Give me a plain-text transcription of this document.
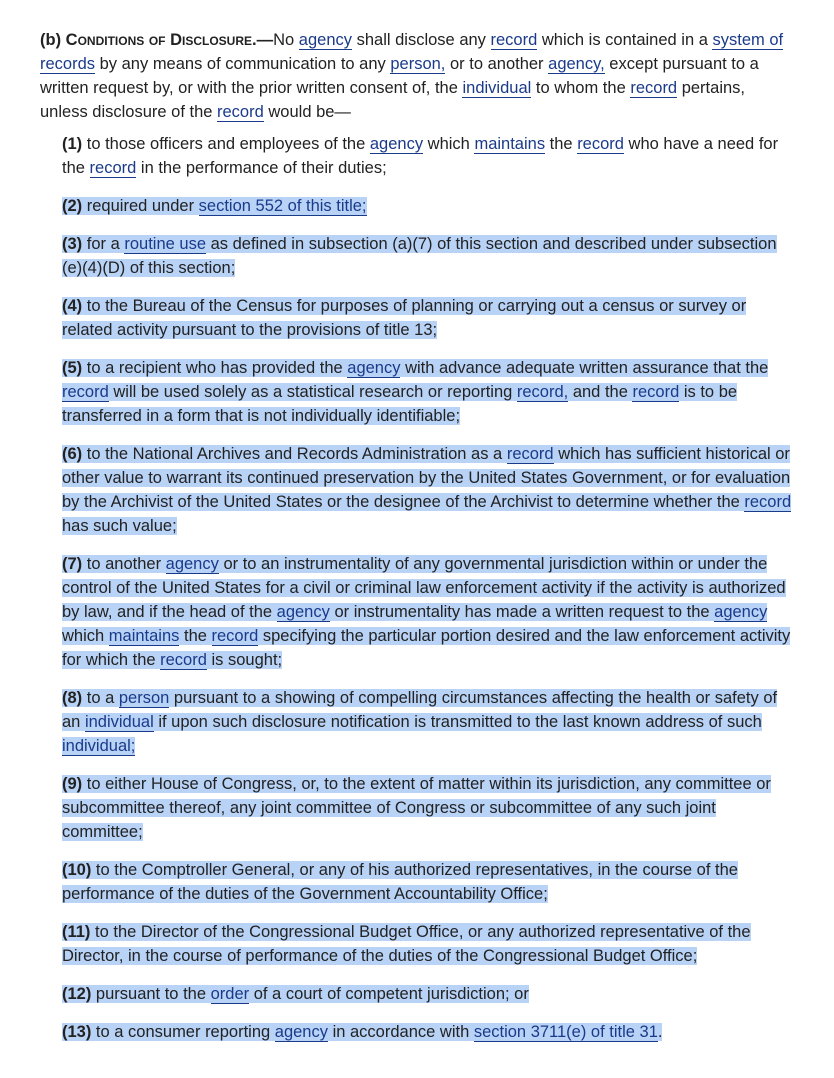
(b) Conditions of Disclosure.—No agency shall disclose any record which is contained in a system of records by any means of communication to any person, or to another agency, except pursuant to a written request by, or with the prior written consent of, the individual to whom the record pertains, unless disclosure of the record would be—

(1) to those officers and employees of the agency which maintains the record who have a need for the record in the performance of their duties;

(2) required under section 552 of this title;

(3) for a routine use as defined in subsection (a)(7) of this section and described under subsection (e)(4)(D) of this section;

(4) to the Bureau of the Census for purposes of planning or carrying out a census or survey or related activity pursuant to the provisions of title 13;

(5) to a recipient who has provided the agency with advance adequate written assurance that the record will be used solely as a statistical research or reporting record, and the record is to be transferred in a form that is not individually identifiable;

(6) to the National Archives and Records Administration as a record which has sufficient historical or other value to warrant its continued preservation by the United States Government, or for evaluation by the Archivist of the United States or the designee of the Archivist to determine whether the record has such value;

(7) to another agency or to an instrumentality of any governmental jurisdiction within or under the control of the United States for a civil or criminal law enforcement activity if the activity is authorized by law, and if the head of the agency or instrumentality has made a written request to the agency which maintains the record specifying the particular portion desired and the law enforcement activity for which the record is sought;

(8) to a person pursuant to a showing of compelling circumstances affecting the health or safety of an individual if upon such disclosure notification is transmitted to the last known address of such individual;

(9) to either House of Congress, or, to the extent of matter within its jurisdiction, any committee or subcommittee thereof, any joint committee of Congress or subcommittee of any such joint committee;

(10) to the Comptroller General, or any of his authorized representatives, in the course of the performance of the duties of the Government Accountability Office;

(11) to the Director of the Congressional Budget Office, or any authorized representative of the Director, in the course of performance of the duties of the Congressional Budget Office;

(12) pursuant to the order of a court of competent jurisdiction; or

(13) to a consumer reporting agency in accordance with section 3711(e) of title 31.
